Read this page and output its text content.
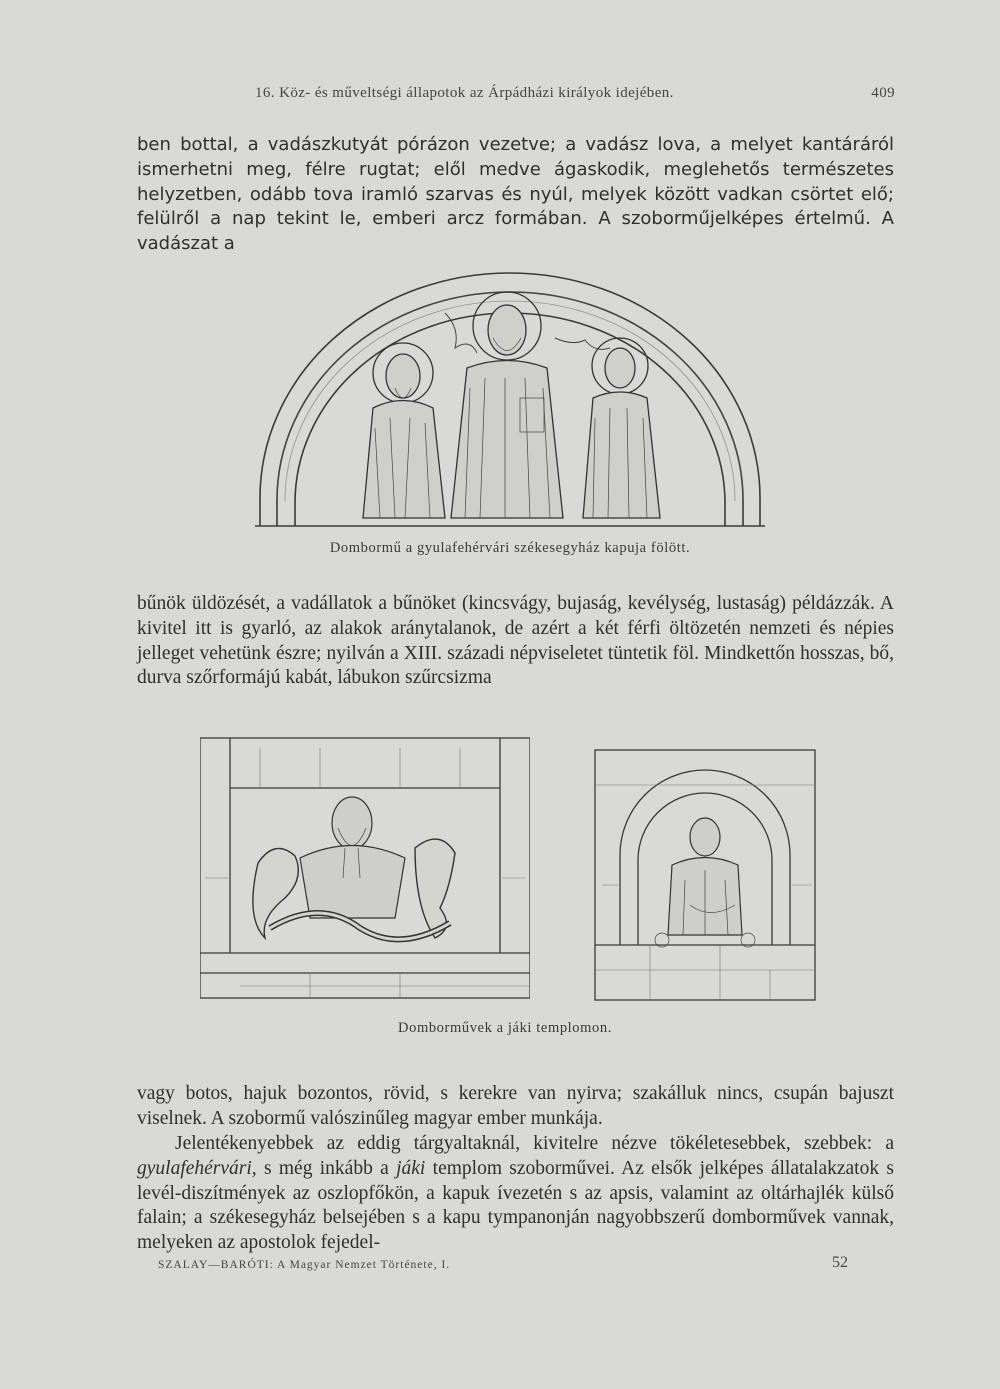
16. Köz- és műveltségi állapotok az Árpádházi királyok idejében.	409
ben bottal, a vadászkutyát pórázon vezetve; a vadász lova, a melyet kantáráról ismerhetni meg, félre rugtat; elől medve ágaskodik, meglehetős természetes helyzetben, odább tova iramló szarvas és nyúl, melyek között vadkan csörtet elő; felülről a nap tekint le, emberi arcz formában. A szoborműjelképes értelmű. A vadászat a
Dombormű a gyulafehérvári székesegyház kapuja fölött.
bűnök üldözését, a vadállatok a bűnöket (kincsvágy, bujaság, kevélység, lustaság) példázzák. A kivitel itt is gyarló, az alakok aránytalanok, de azért a két férfi öltözetén nemzeti és népies jelleget vehetünk észre; nyilván a XIII. századi népviseletet tüntetik föl. Mindkettőn hosszas, bő, durva szőrformájú kabát, lábukon szűrcsizma
Domborművek a jáki templomon.
vagy botos, hajuk bozontos, rövid, s kerekre van nyirva; szakálluk nincs, csupán bajuszt viselnek. A szobormű valószinűleg magyar ember munkája.
Jelentékenyebbek az eddig tárgyaltaknál, kivitelre nézve tökéletesebbek, szebbek: a gyulafehérvári, s még inkább a jáki templom szoborművei. Az elsők jelképes állatalakzatok s levél-diszítmények az oszlopfőkön, a kapuk ívezetén s az apsis, valamint az oltárhajlék külső falain; a székesegyház belsejében s a kapu tympanonján nagyobbszerű domborművek vannak, melyeken az apostolok fejedel-
SZALAY—BARÓTI: A Magyar Nemzet Története, I.	52
